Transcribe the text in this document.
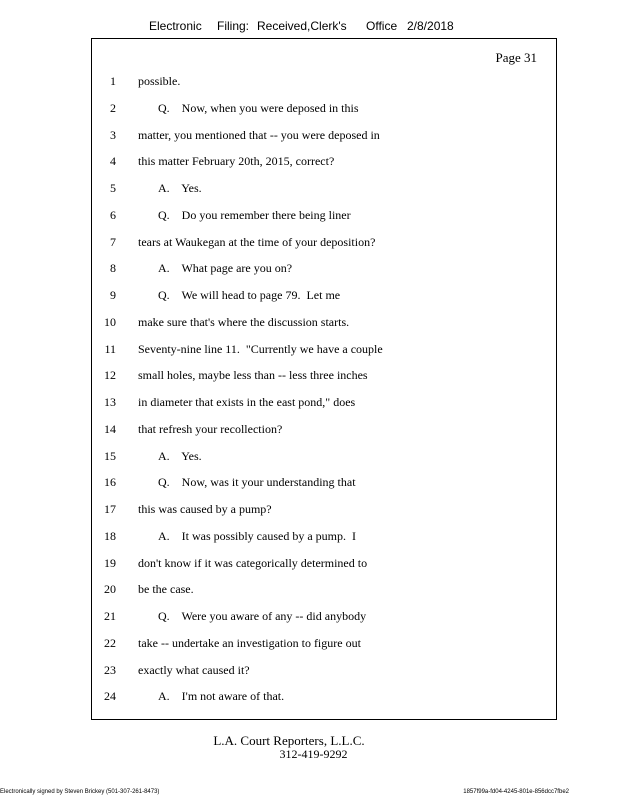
Electronic Filing: Received,Clerk's Office 2/8/2018
Page 31
1 possible.
2	Q.    Now, when you were deposed in this
3 matter, you mentioned that -- you were deposed in
4 this matter February 20th, 2015, correct?
5	A.    Yes.
6	Q.    Do you remember there being liner
7 tears at Waukegan at the time of your deposition?
8	A.    What page are you on?
9	Q.    We will head to page 79.  Let me
10 make sure that's where the discussion starts.
11 Seventy-nine line 11.  "Currently we have a couple
12 small holes, maybe less than -- less three inches
13 in diameter that exists in the east pond," does
14 that refresh your recollection?
15	A.    Yes.
16	Q.    Now, was it your understanding that
17 this was caused by a pump?
18	A.    It was possibly caused by a pump.  I
19 don't know if it was categorically determined to
20 be the case.
21	Q.    Were you aware of any -- did anybody
22 take -- undertake an investigation to figure out
23 exactly what caused it?
24	A.    I'm not aware of that.
L.A. Court Reporters, L.L.C.
312-419-9292
Electronically signed by Steven Brickey (501-307-261-8473)	1857f99a-fd04-4245-801e-856dcc7fbe2
